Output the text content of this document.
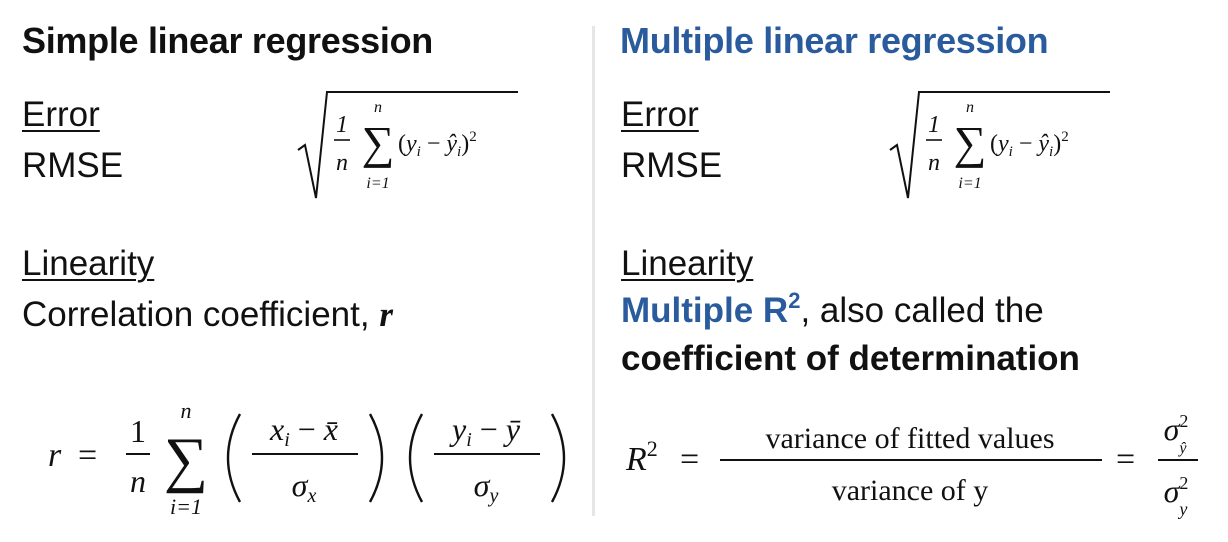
Simple linear regression
Error
RMSE
1
n
n
∑
i=1
($y_i$ − $ŷ_i)^2$
Linearity
Correlation coefficient, r
r =
1
n
n
∑
i=1
xi − x̄
σx
yi − ȳ
σy
Multiple linear regression
Error
RMSE
1
n
n
∑
i=1
($y_i$ − $ŷ_i)^2$
Linearity
Multiple $R^2$, also called the
coefficient of determination
$R^2$ =
variance of fitted values
variance of y
=
$\sigma^2$ ŷ
$\sigma^2$ y
